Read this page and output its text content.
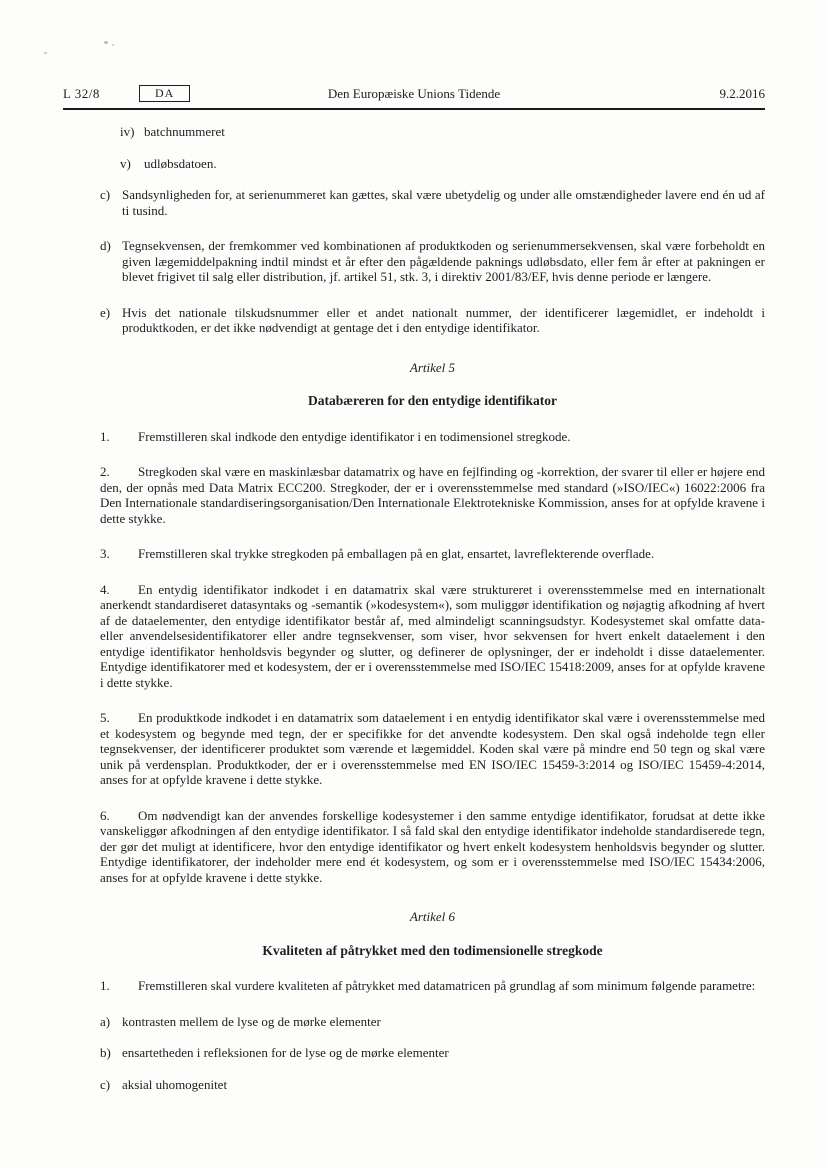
L 32/8	DA	Den Europæiske Unions Tidende	9.2.2016
iv) batchnummeret
v)	udløbsdatoen.
c) Sandsynligheden for, at serienummeret kan gættes, skal være ubetydelig og under alle omstændigheder lavere end én ud af ti tusind.
d) Tegnsekvensen, der fremkommer ved kombinationen af produktkoden og serienummersekvensen, skal være forbeholdt en given lægemiddelpakning indtil mindst et år efter den pågældende paknings udløbsdato, eller fem år efter at pakningen er blevet frigivet til salg eller distribution, jf. artikel 51, stk. 3, i direktiv 2001/83/EF, hvis denne periode er længere.
e) Hvis det nationale tilskudsnummer eller et andet nationalt nummer, der identificerer lægemidlet, er indeholdt i produktkoden, er det ikke nødvendigt at gentage det i den entydige identifikator.
Artikel 5
Databæreren for den entydige identifikator
1. Fremstilleren skal indkode den entydige identifikator i en todimensionel stregkode.
2. Stregkoden skal være en maskinlæsbar datamatrix og have en fejlfinding og -korrektion, der svarer til eller er højere end den, der opnås med Data Matrix ECC200. Stregkoder, der er i overensstemmelse med standard (»ISO/IEC«) 16022:2006 fra Den Internationale standardiseringsorganisation/Den Internationale Elektrotekniske Kommission, anses for at opfylde kravene i dette stykke.
3. Fremstilleren skal trykke stregkoden på emballagen på en glat, ensartet, lavreflekterende overflade.
4. En entydig identifikator indkodet i en datamatrix skal være struktureret i overensstemmelse med en internationalt anerkendt standardiseret datasyntaks og -semantik (»kodesystem«), som muliggør identifikation og nøjagtig afkodning af hvert af de dataelementer, den entydige identifikator består af, med almindeligt scanningsudstyr. Kodesystemet skal omfatte data- eller anvendelsesidentifikatorer eller andre tegnsekvenser, som viser, hvor sekvensen for hvert enkelt dataelement i den entydige identifikator henholdsvis begynder og slutter, og definerer de oplysninger, der er indeholdt i disse dataelementer. Entydige identifikatorer med et kodesystem, der er i overensstemmelse med ISO/IEC 15418:2009, anses for at opfylde kravene i dette stykke.
5. En produktkode indkodet i en datamatrix som dataelement i en entydig identifikator skal være i overensstemmelse med et kodesystem og begynde med tegn, der er specifikke for det anvendte kodesystem. Den skal også indeholde tegn eller tegnsekvenser, der identificerer produktet som værende et lægemiddel. Koden skal være på mindre end 50 tegn og skal være unik på verdensplan. Produktkoder, der er i overensstemmelse med EN ISO/IEC 15459-3:2014 og ISO/IEC 15459-4:2014, anses for at opfylde kravene i dette stykke.
6. Om nødvendigt kan der anvendes forskellige kodesystemer i den samme entydige identifikator, forudsat at dette ikke vanskeliggør afkodningen af den entydige identifikator. I så fald skal den entydige identifikator indeholde standardiserede tegn, der gør det muligt at identificere, hvor den entydige identifikator og hvert enkelt kodesystem henholdsvis begynder og slutter. Entydige identifikatorer, der indeholder mere end ét kodesystem, og som er i overensstemmelse med ISO/IEC 15434:2006, anses for at opfylde kravene i dette stykke.
Artikel 6
Kvaliteten af påtrykket med den todimensionelle stregkode
1. Fremstilleren skal vurdere kvaliteten af påtrykket med datamatricen på grundlag af som minimum følgende parametre:
a) kontrasten mellem de lyse og de mørke elementer
b) ensartetheden i refleksionen for de lyse og de mørke elementer
c) aksial uhomogenitet
